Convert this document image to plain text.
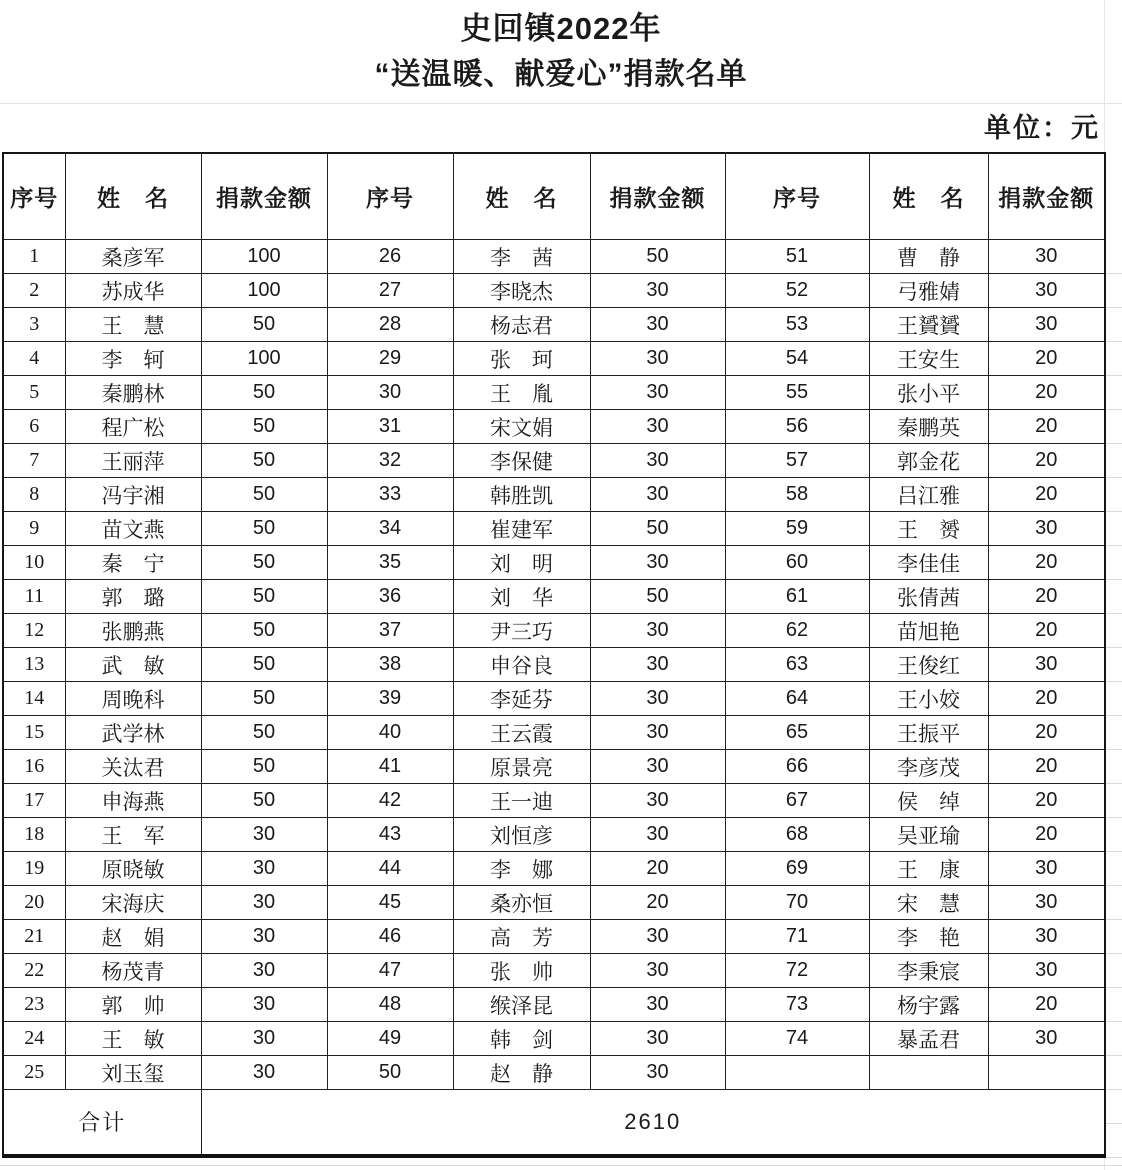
史回镇2022年
“送温暖、献爱心”捐款名单
单位：元
序号	姓　名	捐款金额	序号	姓　名	捐款金额	序号	姓　名	捐款金额
1	桑彦军	100	26	李　茜	50	51	曹　静	30
2	苏成华	100	27	李晓杰	30	52	弓雅婧	30
3	王　慧	50	28	杨志君	30	53	王贇贇	30
4	李　轲	100	29	张　珂	30	54	王安生	20
5	秦鹏林	50	30	王　胤	30	55	张小平	20
6	程广松	50	31	宋文娟	30	56	秦鹏英	20
7	王丽萍	50	32	李保健	30	57	郭金花	20
8	冯宇湘	50	33	韩胜凯	30	58	吕江雅	20
9	苗文燕	50	34	崔建军	50	59	王　赟	30
10	秦　宁	50	35	刘　明	30	60	李佳佳	20
11	郭　璐	50	36	刘　华	50	61	张倩茜	20
12	张鹏燕	50	37	尹三巧	30	62	苗旭艳	20
13	武　敏	50	38	申谷良	30	63	王俊红	30
14	周晚科	50	39	李延芬	30	64	王小姣	20
15	武学林	50	40	王云霞	30	65	王振平	20
16	关汰君	50	41	原景亮	30	66	李彦茂	20
17	申海燕	50	42	王一迪	30	67	侯　绰	20
18	王　军	30	43	刘恒彦	30	68	吴亚瑜	20
19	原晓敏	30	44	李　娜	20	69	王　康	30
20	宋海庆	30	45	桑亦恒	20	70	宋　慧	30
21	赵　娟	30	46	高　芳	30	71	李　艳	30
22	杨茂青	30	47	张　帅	30	72	李秉宸	30
23	郭　帅	30	48	缑泽昆	30	73	杨宇露	20
24	王　敏	30	49	韩　剑	30	74	暴孟君	30
25	刘玉玺	30	50	赵　静	30			
合计		2610						
